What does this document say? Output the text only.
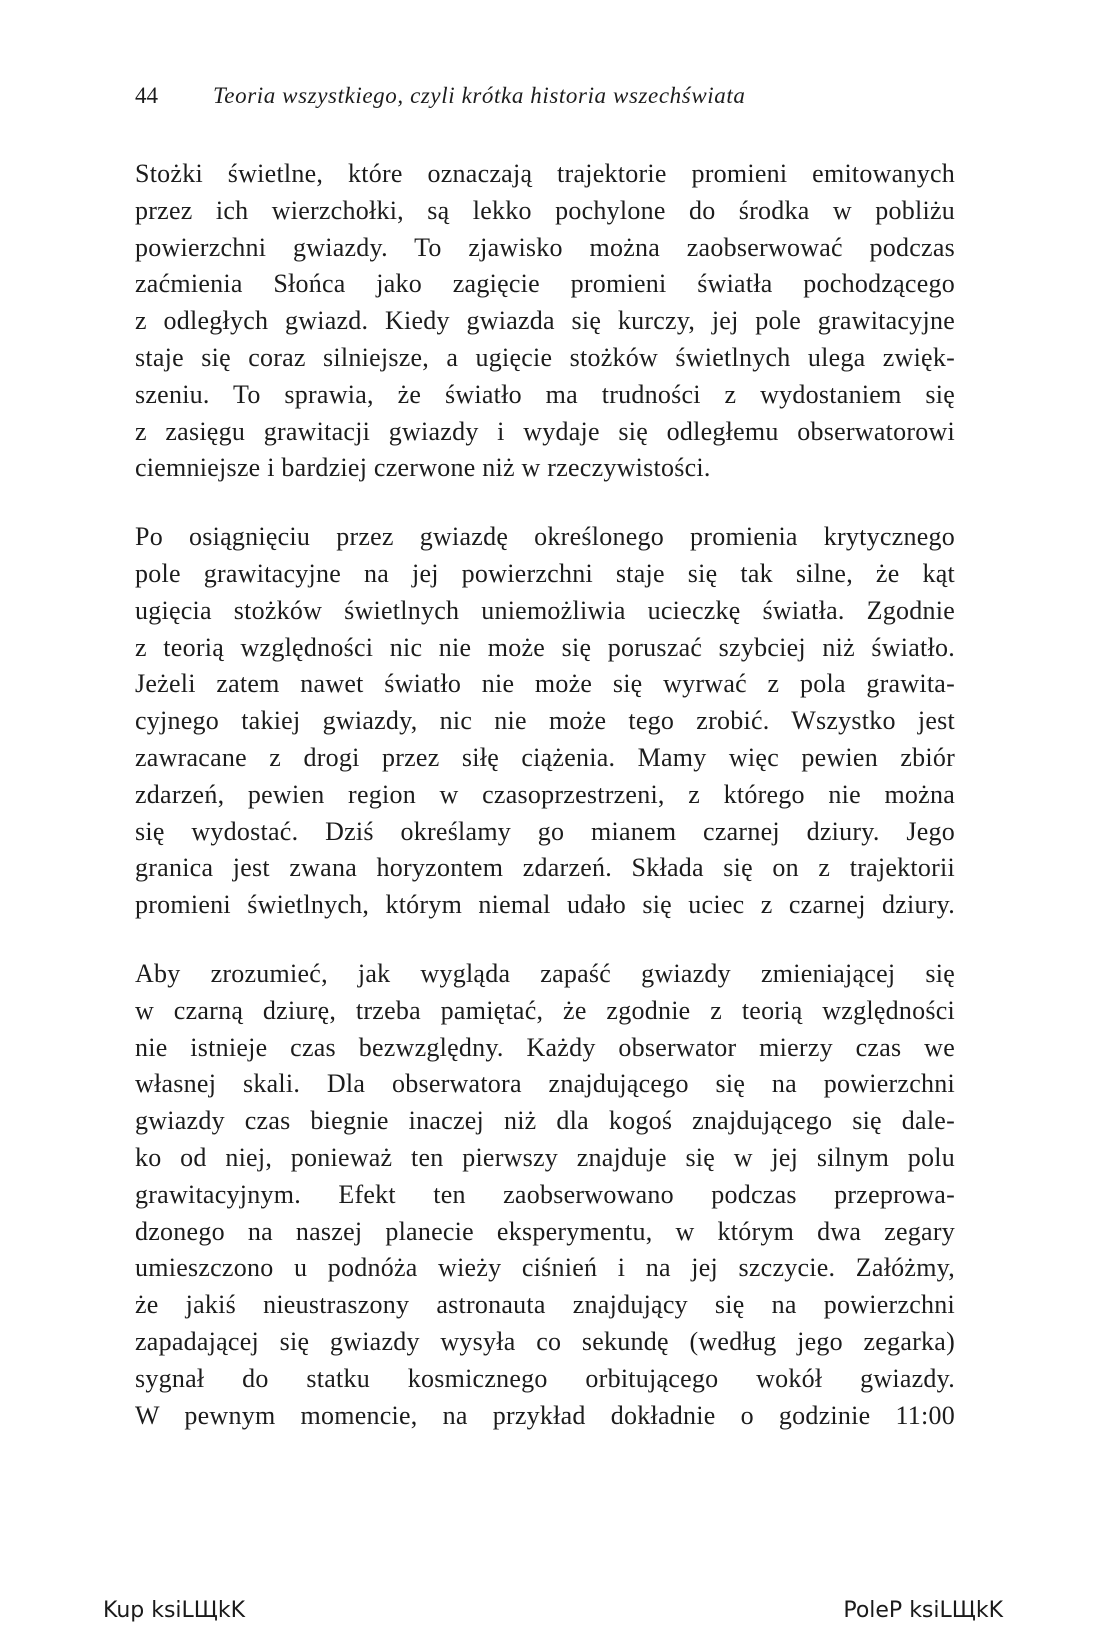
44 Teoria wszystkiego, czyli krótka historia wszechświata

Stożki świetlne, które oznaczają trajektorie promieni emitowanych
przez ich wierzchołki, są lekko pochylone do środka w pobliżu
powierzchni gwiazdy. To zjawisko można zaobserwować podczas
zaćmienia Słońca jako zagięcie promieni światła pochodzącego
z odległych gwiazd. Kiedy gwiazda się kurczy, jej pole grawitacyjne
staje się coraz silniejsze, a ugięcie stożków świetlnych ulega zwięk-
szeniu. To sprawia, że światło ma trudności z wydostaniem się
z zasięgu grawitacji gwiazdy i wydaje się odległemu obserwatorowi
ciemniejsze i bardziej czerwone niż w rzeczywistości.

Po osiągnięciu przez gwiazdę określonego promienia krytycznego
pole grawitacyjne na jej powierzchni staje się tak silne, że kąt
ugięcia stożków świetlnych uniemożliwia ucieczkę światła. Zgodnie
z teorią względności nic nie może się poruszać szybciej niż światło.
Jeżeli zatem nawet światło nie może się wyrwać z pola grawita-
cyjnego takiej gwiazdy, nic nie może tego zrobić. Wszystko jest
zawracane z drogi przez siłę ciążenia. Mamy więc pewien zbiór
zdarzeń, pewien region w czasoprzestrzeni, z którego nie można
się wydostać. Dziś określamy go mianem czarnej dziury. Jego
granica jest zwana horyzontem zdarzeń. Składa się on z trajektorii
promieni świetlnych, którym niemal udało się uciec z czarnej dziury.

Aby zrozumieć, jak wygląda zapaść gwiazdy zmieniającej się
w czarną dziurę, trzeba pamiętać, że zgodnie z teorią względności
nie istnieje czas bezwzględny. Każdy obserwator mierzy czas we
własnej skali. Dla obserwatora znajdującego się na powierzchni
gwiazdy czas biegnie inaczej niż dla kogoś znajdującego się dale-
ko od niej, ponieważ ten pierwszy znajduje się w jej silnym polu
grawitacyjnym. Efekt ten zaobserwowano podczas przeprowa-
dzonego na naszej planecie eksperymentu, w którym dwa zegary
umieszczono u podnóża wieży ciśnień i na jej szczycie. Załóżmy,
że jakiś nieustraszony astronauta znajdujący się na powierzchni
zapadającej się gwiazdy wysyła co sekundę (według jego zegarka)
sygnał do statku kosmicznego orbitującego wokół gwiazdy.
W pewnym momencie, na przykład dokładnie o godzinie 11:00

Kup ksiLЩkK	PoleP ksiLЩkK
